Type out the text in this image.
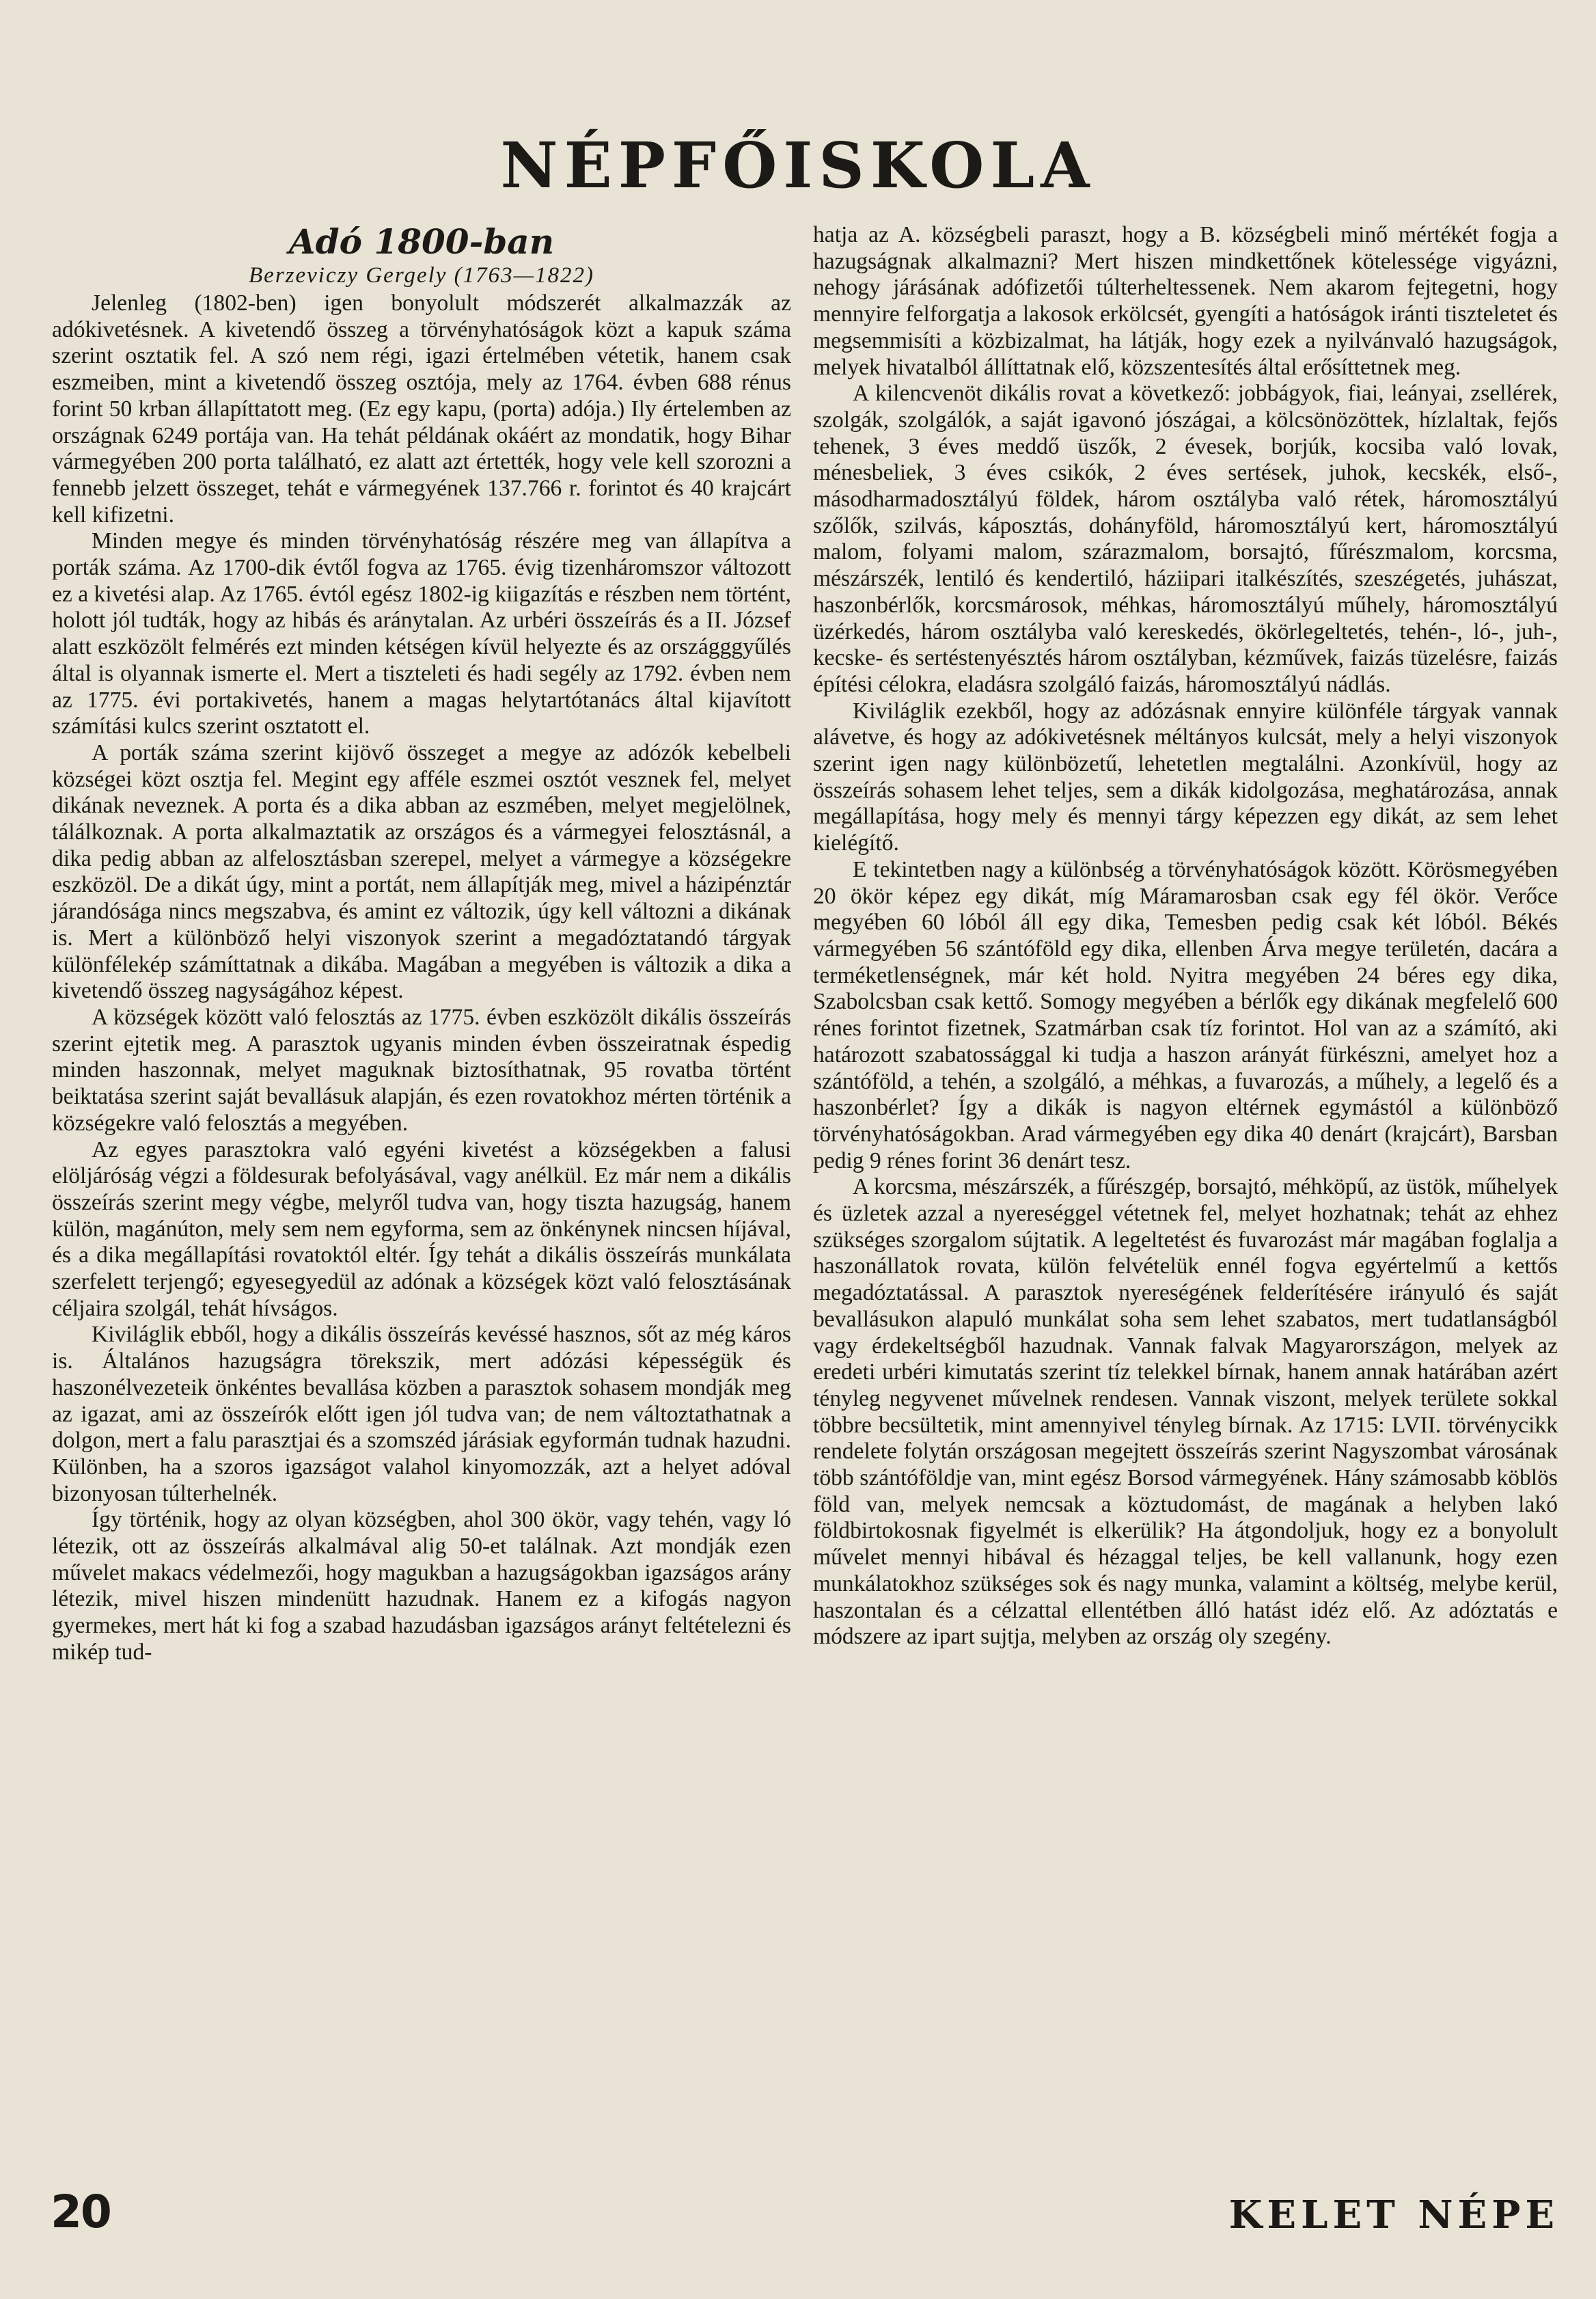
NÉPFŐISKOLA
Adó 1800-ban
Berzeviczy Gergely (1763—1822)

Jelenleg (1802-ben) igen bonyolult módszerét alkalmazzák az adókivetésnek. A kivetendő összeg a törvényhatóságok közt a kapuk száma szerint osztatik fel. A szó nem régi, igazi értelmében vétetik, hanem csak eszmeiben, mint a kivetendő összeg osztója, mely az 1764. évben 688 rénus forint 50 krban állapíttatott meg. (Ez egy kapu, (porta) adója.) Ily értelemben az országnak 6249 portája van. Ha tehát példának okáért az mondatik, hogy Bihar vármegyében 200 porta található, ez alatt azt értették, hogy vele kell szorozni a fennebb jelzett összeget, tehát e vármegyének 137.766 r. forintot és 40 krajcárt kell kifizetni.

Minden megye és minden törvényhatóság részére meg van állapítva a porták száma. Az 1700-dik évtől fogva az 1765. évig tizenháromszor változott ez a kivetési alap. Az 1765. évtól egész 1802-ig kiigazítás e részben nem történt, holott jól tudták, hogy az hibás és aránytalan. Az urbéri összeírás és a II. József alatt eszközölt felmérés ezt minden kétségen kívül helyezte és az országggyűlés által is olyannak ismerte el. Mert a tiszteleti és hadi segély az 1792. évben nem az 1775. évi portakivetés, hanem a magas helytartótanács által kijavított számítási kulcs szerint osztatott el.

A porták száma szerint kijövő összeget a megye az adózók kebelbeli községei közt osztja fel. Megint egy afféle eszmei osztót vesznek fel, melyet dikának neveznek. A porta és a dika abban az eszmében, melyet megjelölnek, tálálkoznak. A porta alkalmaztatik az országos és a vármegyei felosztásnál, a dika pedig abban az alfelosztásban szerepel, melyet a vármegye a községekre eszközöl. De a dikát úgy, mint a portát, nem állapítják meg, mivel a házipénztár járandósága nincs megszabva, és amint ez változik, úgy kell változni a dikának is. Mert a különböző helyi viszonyok szerint a megadóztatandó tárgyak különfélekép számíttatnak a dikába. Magában a megyében is változik a dika a kivetendő összeg nagyságához képest.

A községek között való felosztás az 1775. évben eszközölt dikális összeírás szerint ejtetik meg. A parasztok ugyanis minden évben összeiratnak éspedig minden haszonnak, melyet maguknak biztosíthatnak, 95 rovatba történt beiktatása szerint saját bevallásuk alapján, és ezen rovatokhoz mérten történik a községekre való felosztás a megyében.

Az egyes parasztokra való egyéni kivetést a községekben a falusi elöljáróság végzi a földesurak befolyásával, vagy anélkül. Ez már nem a dikális összeírás szerint megy végbe, melyről tudva van, hogy tiszta hazugság, hanem külön, magánúton, mely sem nem egyforma, sem az önkénynek nincsen híjával, és a dika megállapítási rovatoktól eltér. Így tehát a dikális összeírás munkálata szerfelett terjengő; egyesegyedül az adónak a községek közt való felosztásának céljaira szolgál, tehát hívságos.

Kiviláglik ebből, hogy a dikális összeírás kevéssé hasznos, sőt az még káros is. Általános hazugságra törekszik, mert adózási képességük és haszonélvezeteik önkéntes bevallása közben a parasztok sohasem mondják meg az igazat, ami az összeírók előtt igen jól tudva van; de nem változtathatnak a dolgon, mert a falu parasztjai és a szomszéd járásiak egyformán tudnak hazudni. Különben, ha a szoros igazságot valahol kinyomozzák, azt a helyet adóval bizonyosan túlterhelnék.

Így történik, hogy az olyan községben, ahol 300 ökör, vagy tehén, vagy ló létezik, ott az összeírás alkalmával alig 50-et találnak. Azt mondják ezen művelet makacs védelmezői, hogy magukban a hazugságokban igazságos arány létezik, mivel hiszen mindenütt hazudnak. Hanem ez a kifogás nagyon gyermekes, mert hát ki fog a szabad hazudásban igazságos arányt feltételezni és mikép tud-

hatja az A. községbeli paraszt, hogy a B. községbeli minő mértékét fogja a hazugságnak alkalmazni? Mert hiszen mindkettőnek kötelessége vigyázni, nehogy járásának adófizetői túlterheltessenek. Nem akarom fejtegetni, hogy mennyire felforgatja a lakosok erkölcsét, gyengíti a hatóságok iránti tiszteletet és megsemmisíti a közbizalmat, ha látják, hogy ezek a nyilvánvaló hazugságok, melyek hivatalból állíttatnak elő, közszentesítés által erősíttetnek meg.

A kilencvenöt dikális rovat a következő: jobbágyok, fiai, leányai, zsellérek, szolgák, szolgálók, a saját igavonó jószágai, a kölcsönözöttek, hízlaltak, fejős tehenek, 3 éves meddő üszők, 2 évesek, borjúk, kocsiba való lovak, ménesbeliek, 3 éves csikók, 2 éves sertések, juhok, kecskék, első-, másodharmadosztályú földek, három osztályba való rétek, háromosztályú szőlők, szilvás, káposztás, dohányföld, háromosztályú kert, háromosztályú malom, folyami malom, szárazmalom, borsajtó, fűrészmalom, korcsma, mészárszék, lentiló és kendertiló, háziipari italkészítés, szeszégetés, juhászat, haszonbérlők, korcsmárosok, méhkas, háromosztályú műhely, háromosztályú üzérkedés, három osztályba való kereskedés, ökörlegeltetés, tehén-, ló-, juh-, kecske- és sertéstenyésztés három osztályban, kézművek, faizás tüzelésre, faizás építési célokra, eladásra szolgáló faizás, háromosztályú nádlás.

Kiviláglik ezekből, hogy az adózásnak ennyire különféle tárgyak vannak alávetve, és hogy az adókivetésnek méltányos kulcsát, mely a helyi viszonyok szerint igen nagy különbözetű, lehetetlen megtalálni. Azonkívül, hogy az összeírás sohasem lehet teljes, sem a dikák kidolgozása, meghatározása, annak megállapítása, hogy mely és mennyi tárgy képezzen egy dikát, az sem lehet kielégítő.

E tekintetben nagy a különbség a törvényhatóságok között. Körösmegyében 20 ökör képez egy dikát, míg Máramarosban csak egy fél ökör. Verőce megyében 60 lóból áll egy dika, Temesben pedig csak két lóból. Békés vármegyében 56 szántóföld egy dika, ellenben Árva megye területén, dacára a terméketlenségnek, már két hold. Nyitra megyében 24 béres egy dika, Szabolcsban csak kettő. Somogy megyében a bérlők egy dikának megfelelő 600 rénes forintot fizetnek, Szatmárban csak tíz forintot. Hol van az a számító, aki határozott szabatossággal ki tudja a haszon arányát fürkészni, amelyet hoz a szántóföld, a tehén, a szolgáló, a méhkas, a fuvarozás, a műhely, a legelő és a haszonbérlet? Így a dikák is nagyon eltérnek egymástól a különböző törvényhatóságokban. Arad vármegyében egy dika 40 denárt (krajcárt), Barsban pedig 9 rénes forint 36 denárt tesz.

A korcsma, mészárszék, a fűrészgép, borsajtó, méhköpű, az üstök, műhelyek és üzletek azzal a nyereséggel vétetnek fel, melyet hozhatnak; tehát az ehhez szükséges szorgalom sújtatik. A legeltetést és fuvarozást már magában foglalja a haszonállatok rovata, külön felvételük ennél fogva egyértelmű a kettős megadóztatással. A parasztok nyereségének felderítésére irányuló és saját bevallásukon alapuló munkálat soha sem lehet szabatos, mert tudatlanságból vagy érdekeltségből hazudnak. Vannak falvak Magyarországon, melyek az eredeti urbéri kimutatás szerint tíz telekkel bírnak, hanem annak határában azért tényleg negyvenet művelnek rendesen. Vannak viszont, melyek területe sokkal többre becsültetik, mint amennyivel tényleg bírnak. Az 1715: LVII. törvénycikk rendelete folytán országosan megejtett összeírás szerint Nagyszombat városának több szántóföldje van, mint egész Borsod vármegyének. Hány számosabb köblös föld van, melyek nemcsak a köztudomást, de magának a helyben lakó földbirtokosnak figyelmét is elkerülik? Ha átgondoljuk, hogy ez a bonyolult művelet mennyi hibával és hézaggal teljes, be kell vallanunk, hogy ezen munkálatokhoz szükséges sok és nagy munka, valamint a költség, melybe kerül, haszontalan és a célzattal ellentétben álló hatást idéz elő. Az adóztatás e módszere az ipart sujtja, melyben az ország oly szegény.

20	KELET NÉPE
